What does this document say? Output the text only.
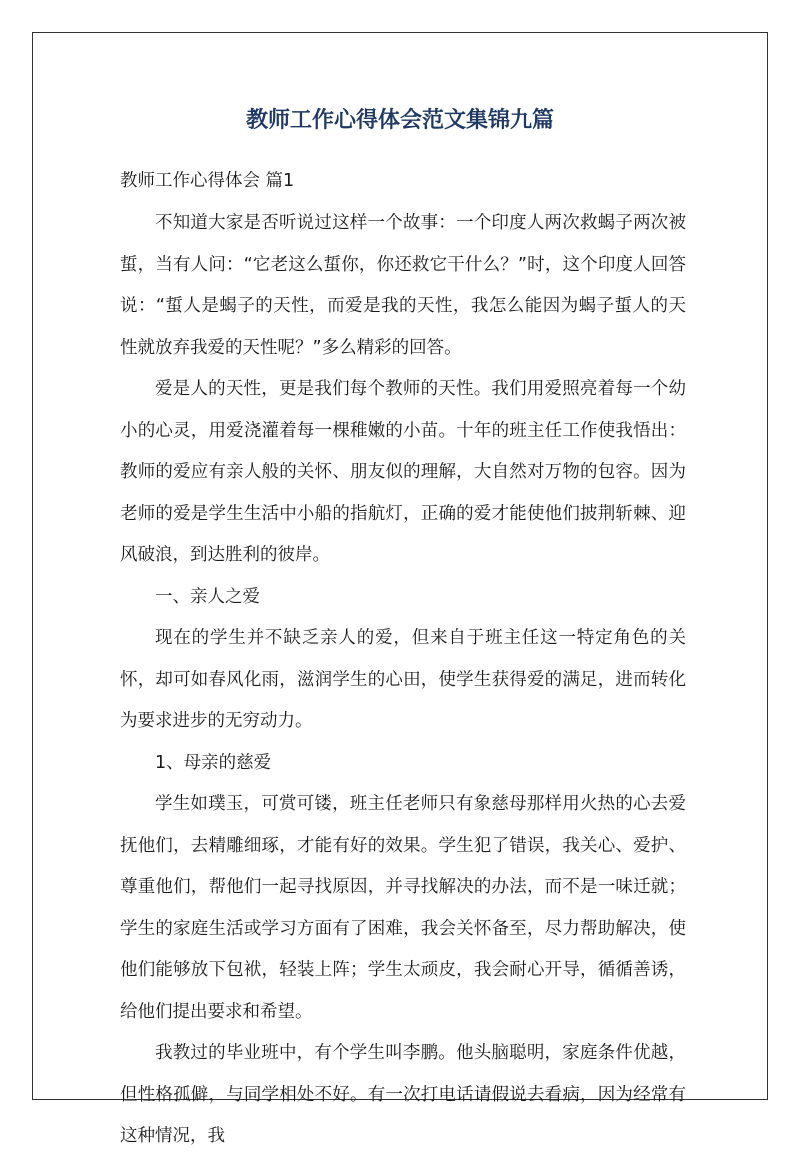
教师工作心得体会范文集锦九篇

教师工作心得体会 篇1

不知道大家是否听说过这样一个故事：一个印度人两次救蝎子两次被蜇，当有人问：“它老这么蜇你，你还救它干什么？”时，这个印度人回答说：“蜇人是蝎子的天性，而爱是我的天性，我怎么能因为蝎子蜇人的天性就放弃我爱的天性呢？”多么精彩的回答。

爱是人的天性，更是我们每个教师的天性。我们用爱照亮着每一个幼小的心灵，用爱浇灌着每一棵稚嫩的小苗。十年的班主任工作使我悟出：教师的爱应有亲人般的关怀、朋友似的理解，大自然对万物的包容。因为老师的爱是学生生活中小船的指航灯，正确的爱才能使他们披荆斩棘、迎风破浪，到达胜利的彼岸。

一、亲人之爱

现在的学生并不缺乏亲人的爱，但来自于班主任这一特定角色的关怀，却可如春风化雨，滋润学生的心田，使学生获得爱的满足，进而转化为要求进步的无穷动力。

1、母亲的慈爱

学生如璞玉，可赏可镂，班主任老师只有象慈母那样用火热的心去爱抚他们，去精雕细琢，才能有好的效果。学生犯了错误，我关心、爱护、尊重他们，帮他们一起寻找原因，并寻找解决的办法，而不是一味迁就；学生的家庭生活或学习方面有了困难，我会关怀备至，尽力帮助解决，使他们能够放下包袱，轻装上阵；学生太顽皮，我会耐心开导，循循善诱，给他们提出要求和希望。

我教过的毕业班中，有个学生叫李鹏。他头脑聪明，家庭条件优越，但性格孤僻，与同学相处不好。有一次打电话请假说去看病，因为经常有这种情况，我
